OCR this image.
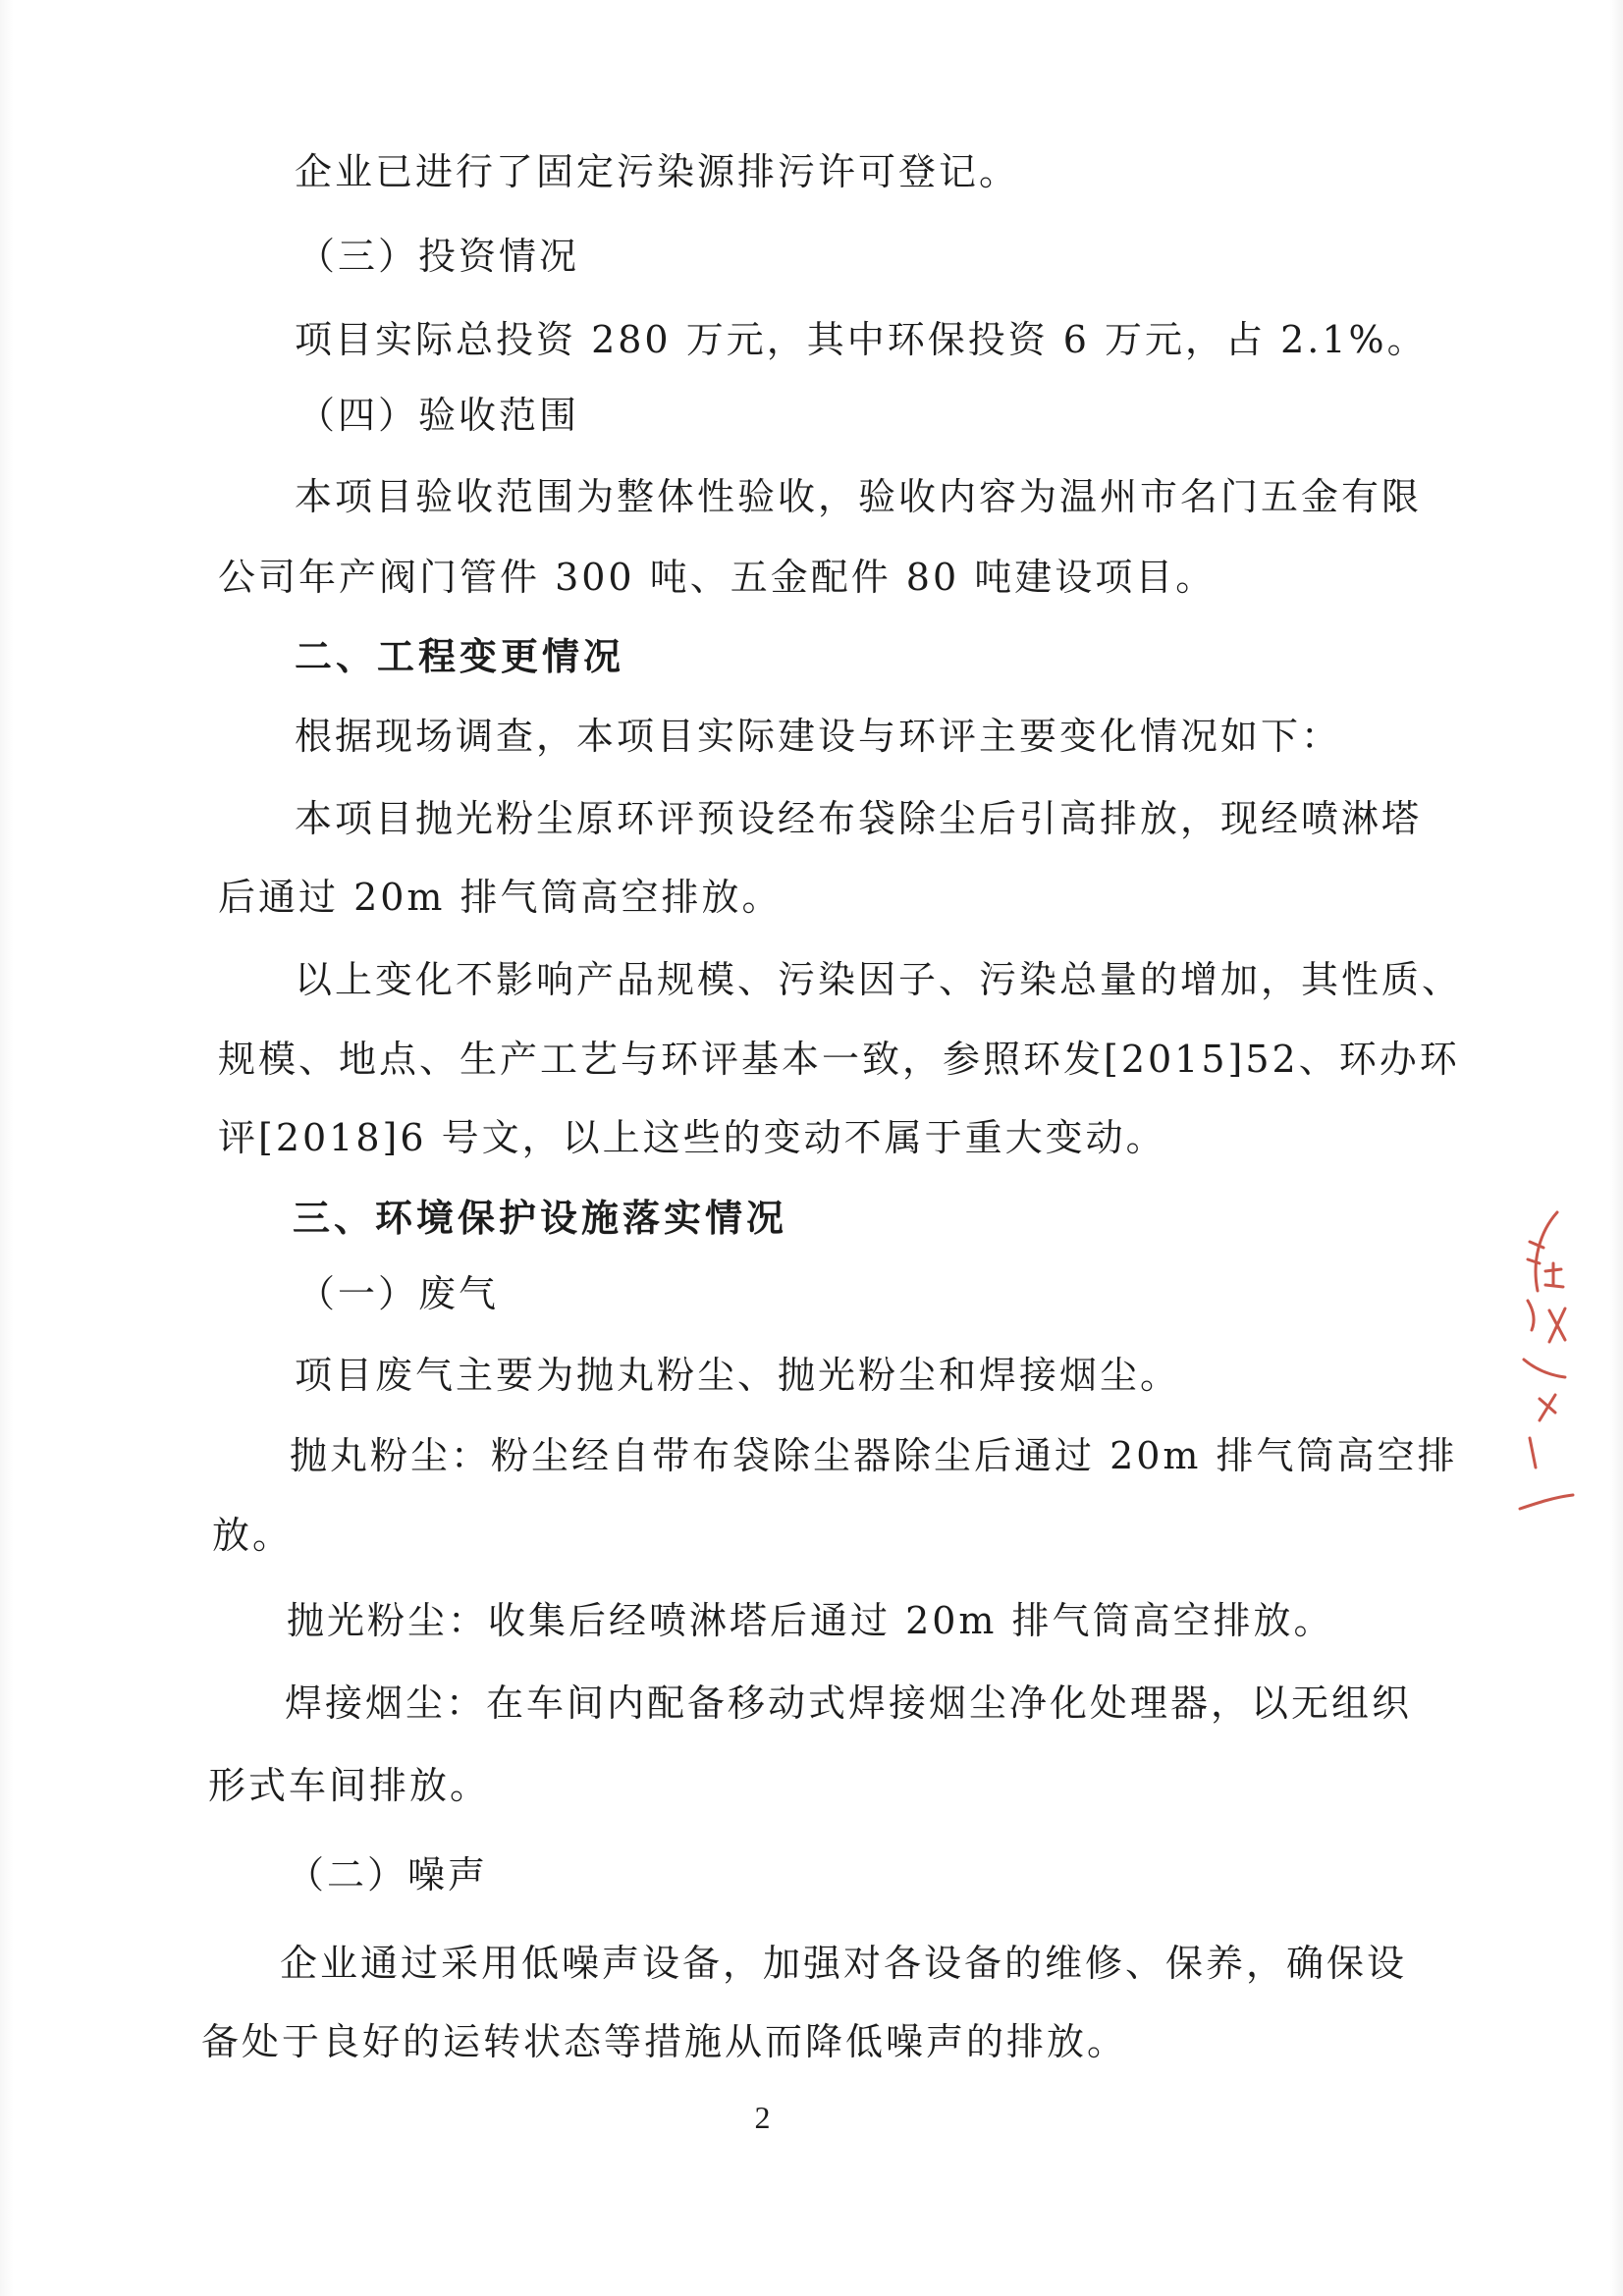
企业已进行了固定污染源排污许可登记。
（三）投资情况
项目实际总投资 280 万元，其中环保投资 6 万元，占 2.1%。
（四）验收范围
本项目验收范围为整体性验收，验收内容为温州市名门五金有限
公司年产阀门管件 300 吨、五金配件 80 吨建设项目。
二、工程变更情况
根据现场调查，本项目实际建设与环评主要变化情况如下：
本项目抛光粉尘原环评预设经布袋除尘后引高排放，现经喷淋塔
后通过 20m 排气筒高空排放。
以上变化不影响产品规模、污染因子、污染总量的增加，其性质、
规模、地点、生产工艺与环评基本一致，参照环发[2015]52、环办环
评[2018]6 号文，以上这些的变动不属于重大变动。
三、环境保护设施落实情况
（一）废气
项目废气主要为抛丸粉尘、抛光粉尘和焊接烟尘。
抛丸粉尘：粉尘经自带布袋除尘器除尘后通过 20m 排气筒高空排
放。
抛光粉尘：收集后经喷淋塔后通过 20m 排气筒高空排放。
焊接烟尘：在车间内配备移动式焊接烟尘净化处理器，以无组织
形式车间排放。
（二）噪声
企业通过采用低噪声设备，加强对各设备的维修、保养，确保设
备处于良好的运转状态等措施从而降低噪声的排放。
2
